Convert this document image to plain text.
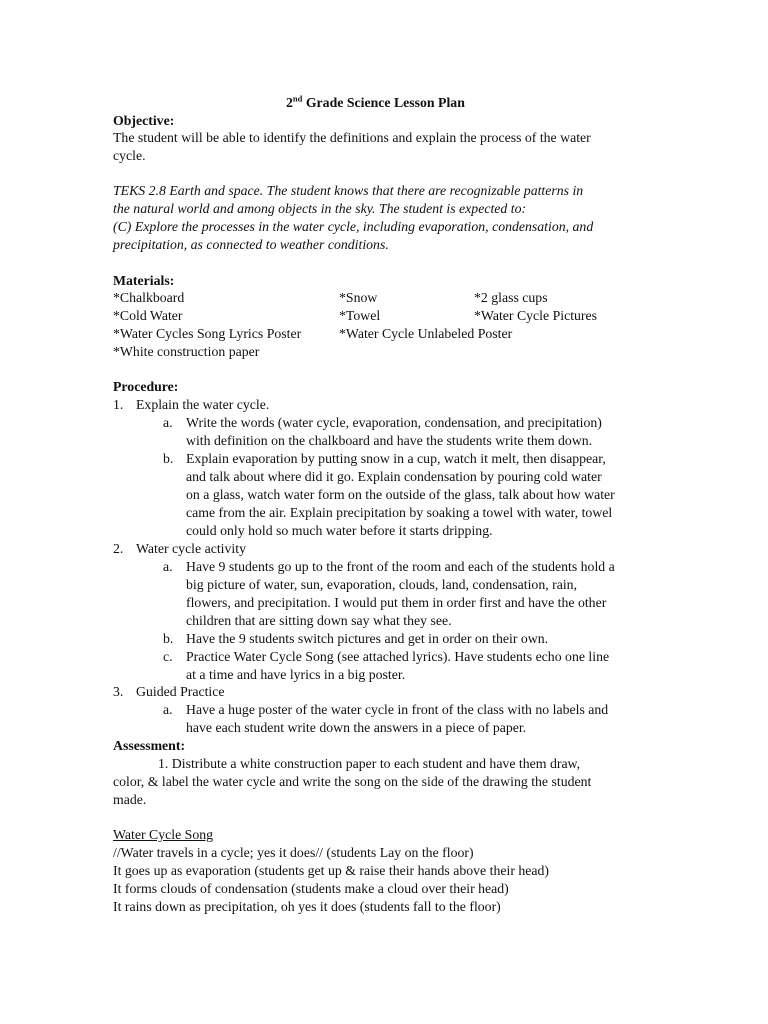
2nd Grade Science Lesson Plan
Objective:
The student will be able to identify the definitions and explain the process of the water
cycle.
TEKS 2.8 Earth and space. The student knows that there are recognizable patterns in
the natural world and among objects in the sky. The student is expected to:
(C) Explore the processes in the water cycle, including evaporation, condensation, and
precipitation, as connected to weather conditions.
Materials:
*Chalkboard	*Snow	*2 glass cups
*Cold Water	*Towel	*Water Cycle Pictures
*Water Cycles Song Lyrics Poster	*Water Cycle Unlabeled Poster
*White construction paper
Procedure:
1. Explain the water cycle.
a. Write the words (water cycle, evaporation, condensation, and precipitation)
with definition on the chalkboard and have the students write them down.
b. Explain evaporation by putting snow in a cup, watch it melt, then disappear,
and talk about where did it go. Explain condensation by pouring cold water
on a glass, watch water form on the outside of the glass, talk about how water
came from the air. Explain precipitation by soaking a towel with water, towel
could only hold so much water before it starts dripping.
2. Water cycle activity
a. Have 9 students go up to the front of the room and each of the students hold a
big picture of water, sun, evaporation, clouds, land, condensation, rain,
flowers, and precipitation. I would put them in order first and have the other
children that are sitting down say what they see.
b. Have the 9 students switch pictures and get in order on their own.
c. Practice Water Cycle Song (see attached lyrics). Have students echo one line
at a time and have lyrics in a big poster.
3. Guided Practice
a. Have a huge poster of the water cycle in front of the class with no labels and
have each student write down the answers in a piece of paper.
Assessment:
1. Distribute a white construction paper to each student and have them draw,
color, & label the water cycle and write the song on the side of the drawing the student
made.
Water Cycle Song
//Water travels in a cycle; yes it does// (students Lay on the floor)
It goes up as evaporation (students get up & raise their hands above their head)
It forms clouds of condensation (students make a cloud over their head)
It rains down as precipitation, oh yes it does (students fall to the floor)
